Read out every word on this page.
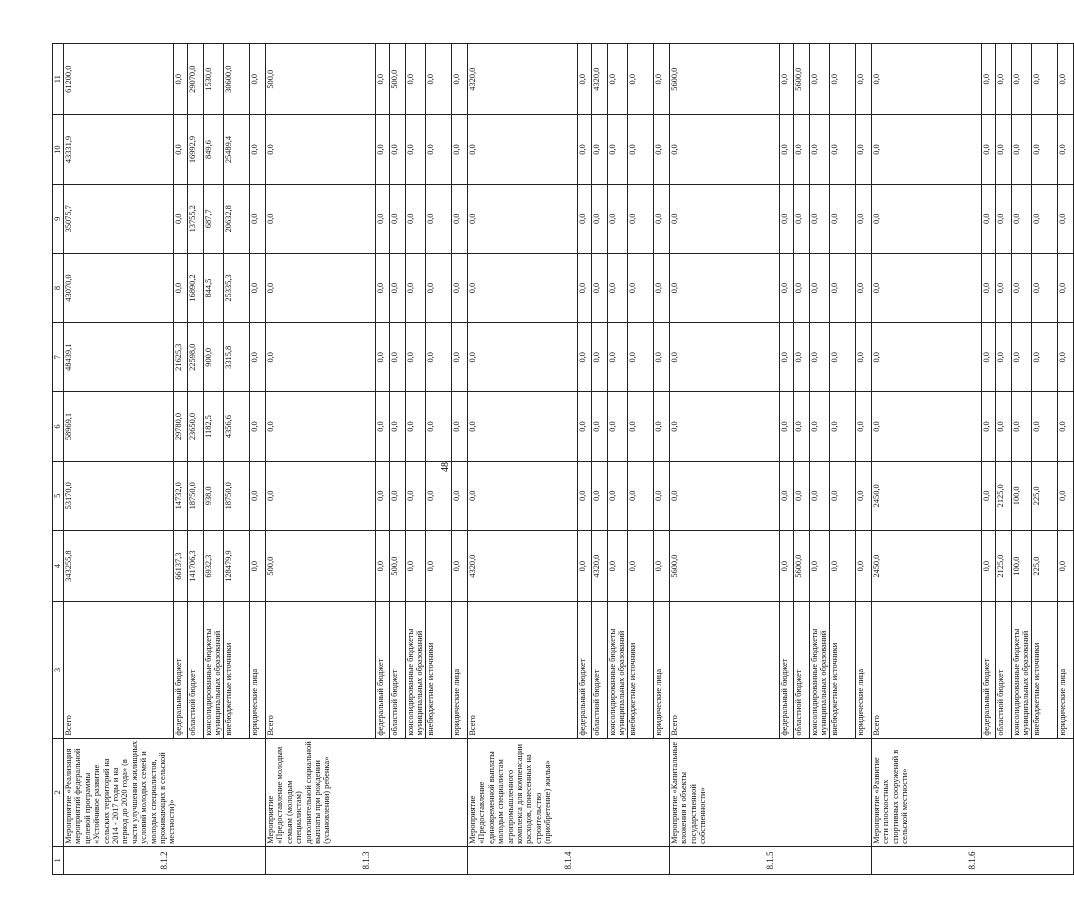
48
1	2	3	4	5	6	7	8	9	10	11
8.1.2	Мероприятие «Реализация мероприятий федеральной целевой программы «Устойчивое развитие сельских территорий на 2014 - 2017 годы и на период до 2020 года» (в части улучшения жилищных условий молодых семей и молодых специалистов, проживающих в сельской местности)»	Всего	343255,8	53170,0	58969,1	48439,1	43070,0	35075,7	43331,9	61200,0
		федеральный бюджет	66137,3	14732,0	29780,0	21625,3	0,0	0,0	0,0	0,0
		областной бюджет	141706,3	18750,0	23650,0	22598,0	16890,2	13755,2	16992,9	29070,0
		консолидированные бюджеты муниципальных образований	6932,3	938,0	1182,5	900,0	844,5	687,7	849,6	1530,0
		внебюджетные источники	128479,9	18750,0	4356,6	3315,8	25335,3	20632,8	25489,4	30600,0
		юридические лица	0,0	0,0	0,0	0,0	0,0	0,0	0,0	0,0
8.1.3	Мероприятие «Предоставление молодым семьям (молодым специалистам) дополнительной социальной выплаты при рождении (усыновлении) ребенка»	Всего	500,0	0,0	0,0	0,0	0,0	0,0	0,0	500,0
		федеральный бюджет	0,0	0,0	0,0	0,0	0,0	0,0	0,0	0,0
		областной бюджет	500,0	0,0	0,0	0,0	0,0	0,0	0,0	500,0
		консолидированные бюджеты муниципальных образований	0,0	0,0	0,0	0,0	0,0	0,0	0,0	0,0
		внебюджетные источники	0,0	0,0	0,0	0,0	0,0	0,0	0,0	0,0
		юридические лица	0,0	0,0	0,0	0,0	0,0	0,0	0,0	0,0
8.1.4	Мероприятие «Предоставление единовременной выплаты молодым специалистам агропромышленного комплекса для компенсации расходов, понесенных на строительство (приобретение) жилья»	Всего	4320,0	0,0	0,0	0,0	0,0	0,0	0,0	4320,0
		федеральный бюджет	0,0	0,0	0,0	0,0	0,0	0,0	0,0	0,0
		областной бюджет	4320,0	0,0	0,0	0,0	0,0	0,0	0,0	4320,0
		консолидированные бюджеты муниципальных образований	0,0	0,0	0,0	0,0	0,0	0,0	0,0	0,0
		внебюджетные источники	0,0	0,0	0,0	0,0	0,0	0,0	0,0	0,0
		юридические лица	0,0	0,0	0,0	0,0	0,0	0,0	0,0	0,0
8.1.5	Мероприятие «Капитальные вложения в объекты государственной собственности»	Всего	5600,0	0,0	0,0	0,0	0,0	0,0	0,0	5600,0
		федеральный бюджет	0,0	0,0	0,0	0,0	0,0	0,0	0,0	0,0
		областной бюджет	5600,0	0,0	0,0	0,0	0,0	0,0	0,0	5600,0
		консолидированные бюджеты муниципальных образований	0,0	0,0	0,0	0,0	0,0	0,0	0,0	0,0
		внебюджетные источники	0,0	0,0	0,0	0,0	0,0	0,0	0,0	0,0
		юридические лица	0,0	0,0	0,0	0,0	0,0	0,0	0,0	0,0
8.1.6	Мероприятие «Развитие сети плоскостных спортивных сооружений в сельской местности»	Всего	2450,0	2450,0	0,0	0,0	0,0	0,0	0,0	0,0
		федеральный бюджет	0,0	0,0	0,0	0,0	0,0	0,0	0,0	0,0
		областной бюджет	2125,0	2125,0	0,0	0,0	0,0	0,0	0,0	0,0
		консолидированные бюджеты муниципальных образований	100,0	100,0	0,0	0,0	0,0	0,0	0,0	0,0
		внебюджетные источники	225,0	225,0	0,0	0,0	0,0	0,0	0,0	0,0
		юридические лица	0,0	0,0	0,0	0,0	0,0	0,0	0,0	0,0
